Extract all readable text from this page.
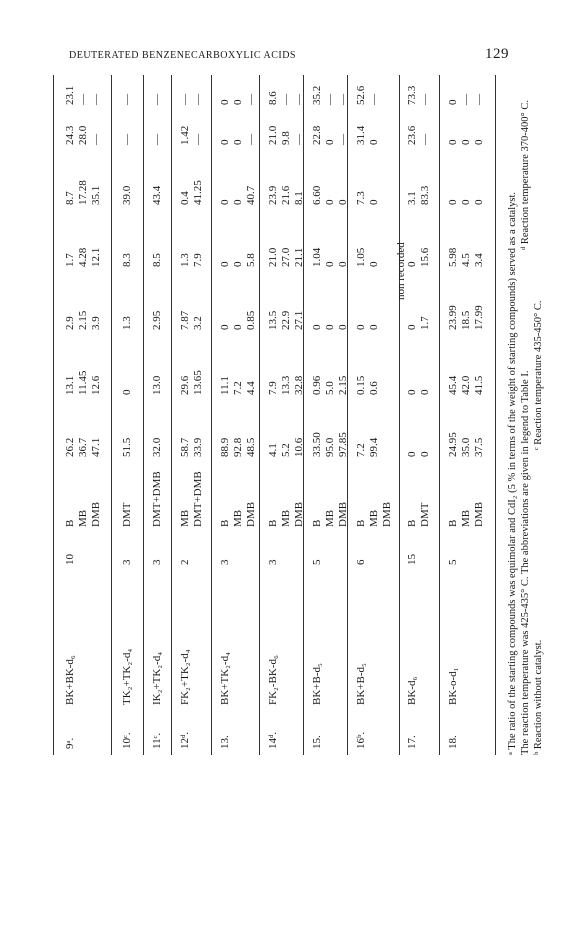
DEUTERATED BENZENECARBOXYLIC ACIDS	129
9ᵃ.
BK+BK-d₆
10
B MB DMB
26.2 36.7 47.1
13.1 11.45 12.6
2.9 2.15 3.9
1.7 4.28 12.1
8.7 17.28 35.1
24.3 28.0 —
23.1 — —
10ᶜ.
TK₂+TK₂-d₄
3
DMT
51.5
0
1.3
8.3
39.0
—
—
11ᶜ.
IK₂+TK₂-d₄
3
DMT+DMB
32.0
13.0
2.95
8.5
43.4
—
—
12ᵈ.
FK₂+TK₂-d₄
2
MB DMT+DMB
58.7 33.9
29.6 13.65
7.87 3.2
1.3 7.9
0.4 41.25
1.42 —
— —
13.
BK+TK₂-d₄
3
B MB DMB
88.9 92.8 48.5
11.1 7.2 4.4
0 0 0.85
0 0 5.8
0 0 40.7
0 0 —
0 0 —
14ᵈ.
FK₂-BK-d₆
3
B MB DMB
4.1 5.2 10.6
7.9 13.3 32.8
13.5 22.9 27.1
21.0 27.0 21.1
23.9 21.6 8.1
21.0 9.8 —
8.6 — —
15.
BK+B-d₅
5
B MB DMB
33.50 95.0 97.85
0.96 5.0 2.15
0 0 0
1.04 0 0
6.60 0 0
22.8 0 —
35.2 — —
16ᵇ.
BK+B-d₅
6
B MB DMB
7.2 99.4
0.15 0.6
0 0
1.05 0
7.3 0
31.4 0
52.6 —
non recorded
17.
BK-d₆
15
B DMT
0 0
0 0
0 1.7
0 15.6
3.1 83.3
23.6 —
73.3 —
18.
BK-o-d₁
5
B MB DMB
24.95 35.0 37.5
45.4 42.0 41.5
23.99 18.5 17.99
5.98 4.5 3.4
0 0 0
0 0 0
0 — —
ᵃ The ratio of the starting compounds was equimolar and CdI₂ (5 % in terms of the weight of starting compounds) served as a catalyst. The reaction temperature was 425-435° C. The abbreviations are given in legend to Table I.
ᵈ Reaction temperature 370-400° C.
ᵇ Reaction without catalyst.
ᶜ Reaction temperature 435-450° C.
